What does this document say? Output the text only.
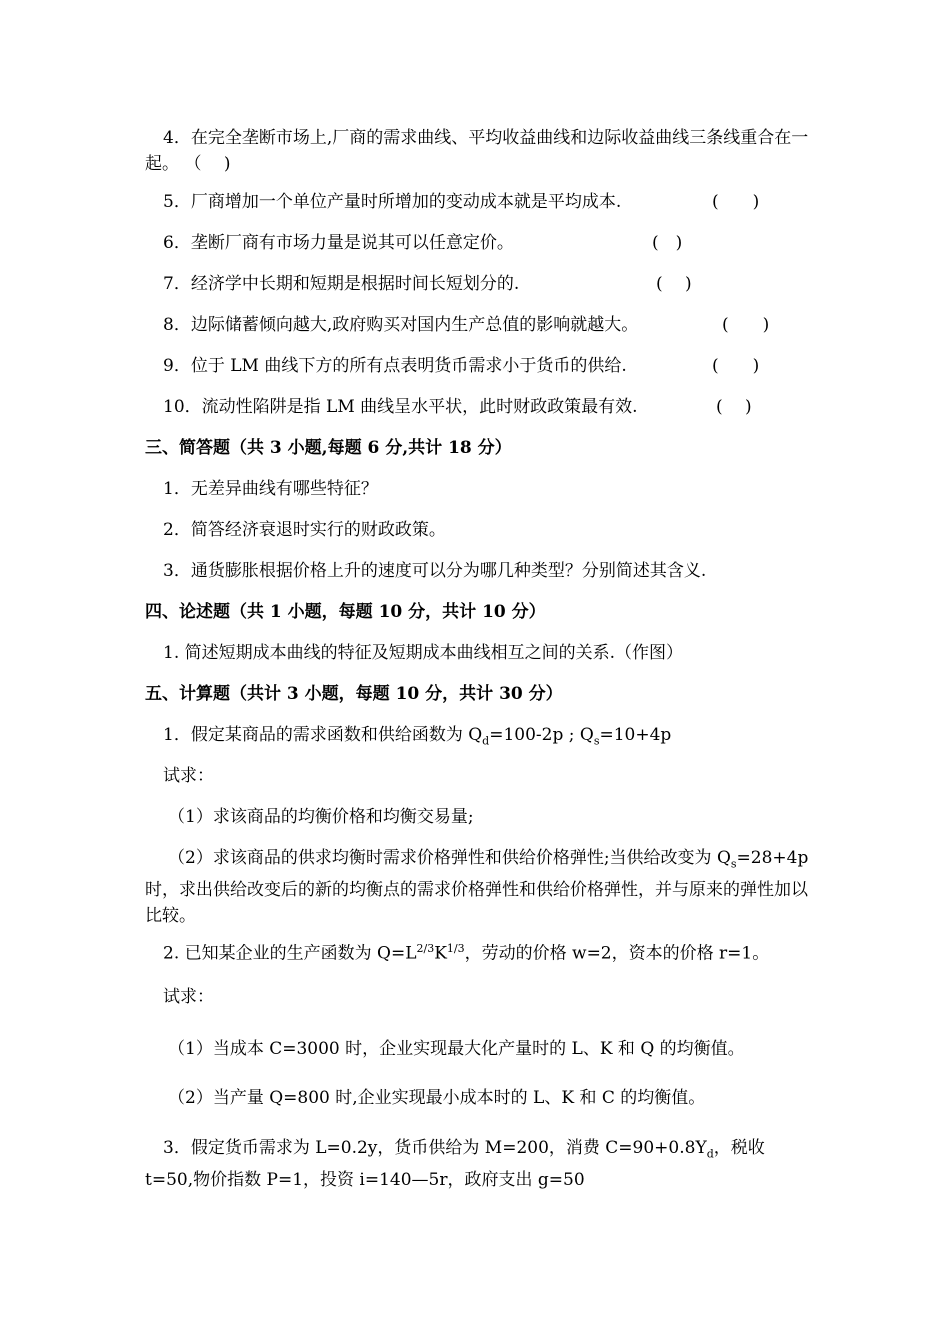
4．在完全垄断市场上,厂商的需求曲线、平均收益曲线和边际收益曲线三条线重合在一起。 （　 )
5．厂商增加一个单位产量时所增加的变动成本就是平均成本.	(　　)
6．垄断厂商有市场力量是说其可以任意定价。	(　)
7．经济学中长期和短期是根据时间长短划分的.	(　 )
8．边际储蓄倾向越大,政府购买对国内生产总值的影响就越大。	(　　)
9．位于 LM 曲线下方的所有点表明货币需求小于货币的供给.	(　　)
10．流动性陷阱是指 LM 曲线呈水平状，此时财政政策最有效.	(　 )
三、简答题（共 3 小题,每题 6 分,共计 18 分）
1．无差异曲线有哪些特征？
2．简答经济衰退时实行的财政政策。
3．通货膨胀根据价格上升的速度可以分为哪几种类型？分别简述其含义.
四、论述题（共 1 小题，每题 10 分，共计 10 分）
1. 简述短期成本曲线的特征及短期成本曲线相互之间的关系.（作图）
五、计算题（共计 3 小题，每题 10 分，共计 30 分）
1．假定某商品的需求函数和供给函数为 $Q_d=100-2p$ ; $Q_s=10+4p$
试求：
（1）求该商品的均衡价格和均衡交易量;
（2）求该商品的供求均衡时需求价格弹性和供给价格弹性;当供给改变为 $Q_s=28+4p$ 时，求出供给改变后的新的均衡点的需求价格弹性和供给价格弹性，并与原来的弹性加以比较。
2. 已知某企业的生产函数为 $Q=L^{2/3}K^{1/3}$，劳动的价格 w=2，资本的价格 r=1。
试求：
（1）当成本 C=3000 时，企业实现最大化产量时的 L、K 和 Q 的均衡值。
（2）当产量 Q=800 时,企业实现最小成本时的 L、K 和 C 的均衡值。
3．假定货币需求为 L=0.2y，货币供给为 M=200，消费 $C=90+0.8Y_d$，税收 t=50,物价指数 P=1，投资 i=140—5r，政府支出 g=50
